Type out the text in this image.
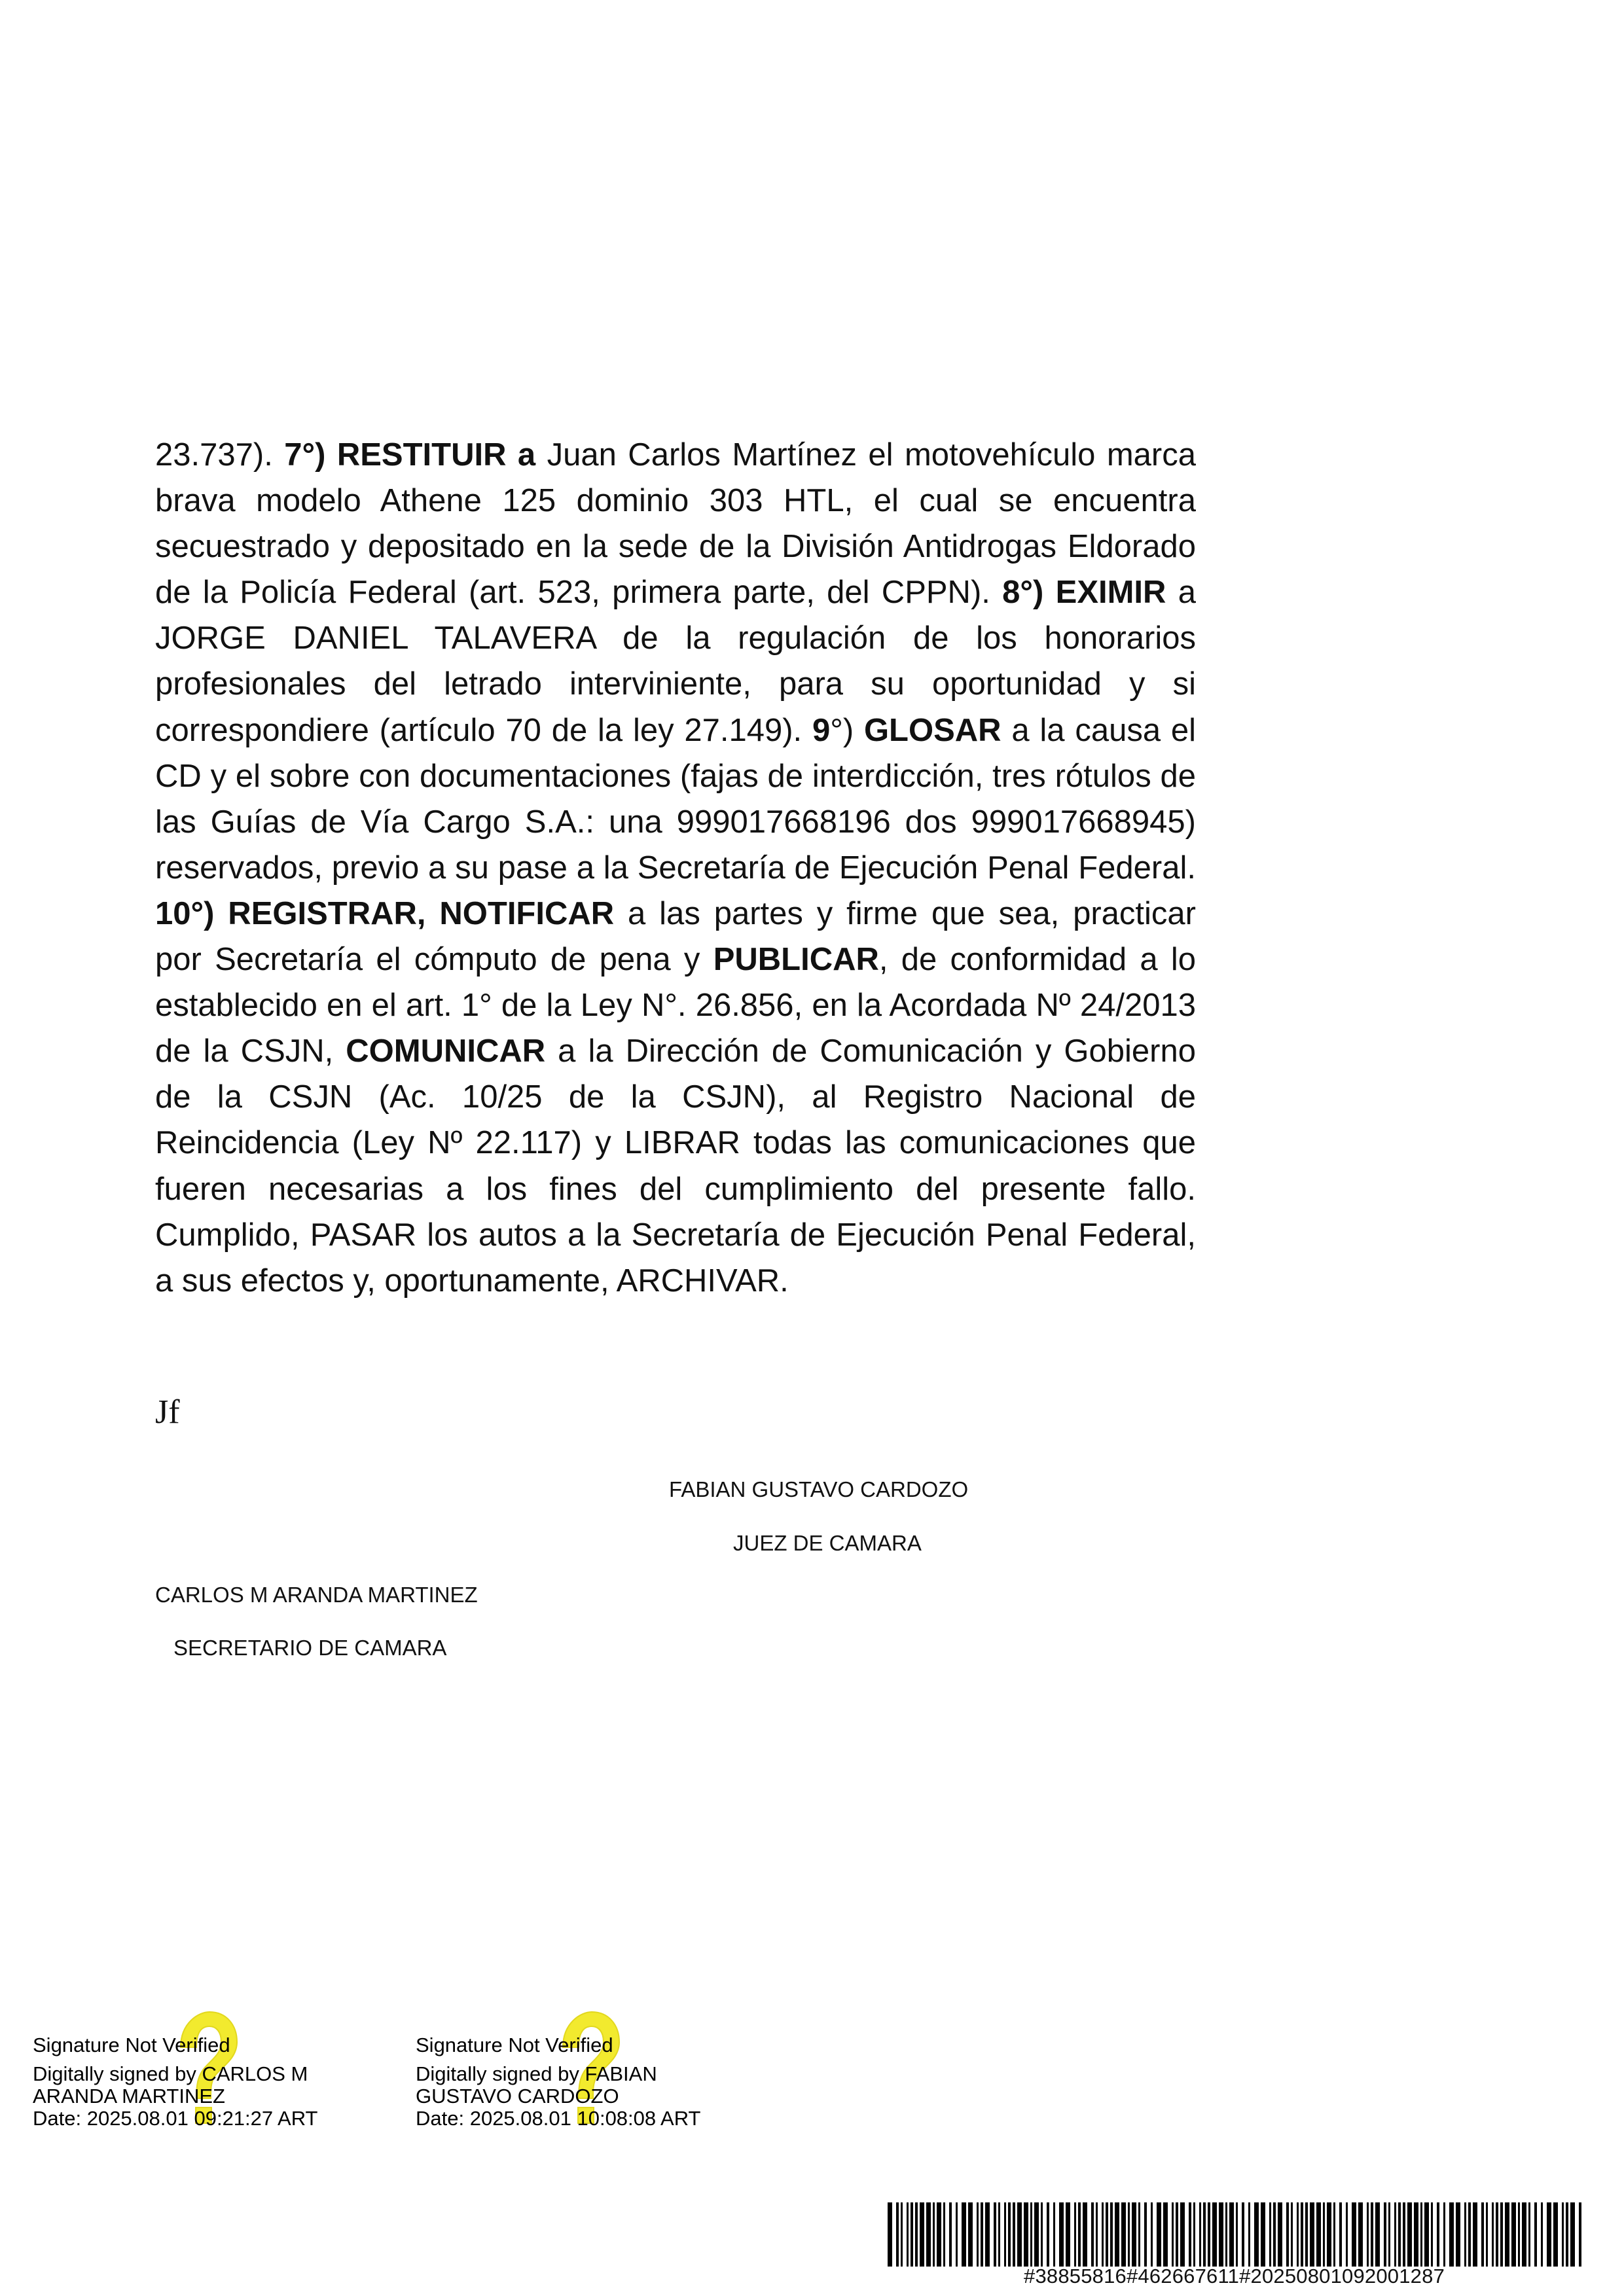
23.737). 7°) RESTITUIR a Juan Carlos Martínez el motovehículo marca brava modelo Athene 125 dominio 303 HTL, el cual se encuentra secuestrado y depositado en la sede de la División Antidrogas Eldorado de la Policía Federal (art. 523, primera parte, del CPPN). 8°) EXIMIR a JORGE DANIEL TALAVERA de la regulación de los honorarios profesionales del letrado interviniente, para su oportunidad y si correspondiere (artículo 70 de la ley 27.149). 9°) GLOSAR a la causa el CD y el sobre con documentaciones (fajas de interdicción, tres rótulos de las Guías de Vía Cargo S.A.: una 999017668196 dos 999017668945) reservados, previo a su pase a la Secretaría de Ejecución Penal Federal. 10°) REGISTRAR, NOTIFICAR a las partes y firme que sea, practicar por Secretaría el cómputo de pena y PUBLICAR, de conformidad a lo establecido en el art. 1° de la Ley N°. 26.856, en la Acordada Nº 24/2013 de la CSJN, COMUNICAR a la Dirección de Comunicación y Gobierno de la CSJN (Ac. 10/25 de la CSJN), al Registro Nacional de Reincidencia (Ley Nº 22.117) y LIBRAR todas las comunicaciones que fueren necesarias a los fines del cumplimiento del presente fallo. Cumplido, PASAR los autos a la Secretaría de Ejecución Penal Federal, a sus efectos y, oportunamente, ARCHIVAR.
Jf
FABIAN GUSTAVO CARDOZO
JUEZ DE CAMARA
CARLOS M ARANDA MARTINEZ
SECRETARIO DE CAMARA
Signature Not Verified
Digitally signed by CARLOS M
ARANDA MARTINEZ
Date: 2025.08.01 09:21:27 ART
Signature Not Verified
Digitally signed by FABIAN
GUSTAVO CARDOZO
Date: 2025.08.01 10:08:08 ART
#38855816#462667611#20250801092001287
